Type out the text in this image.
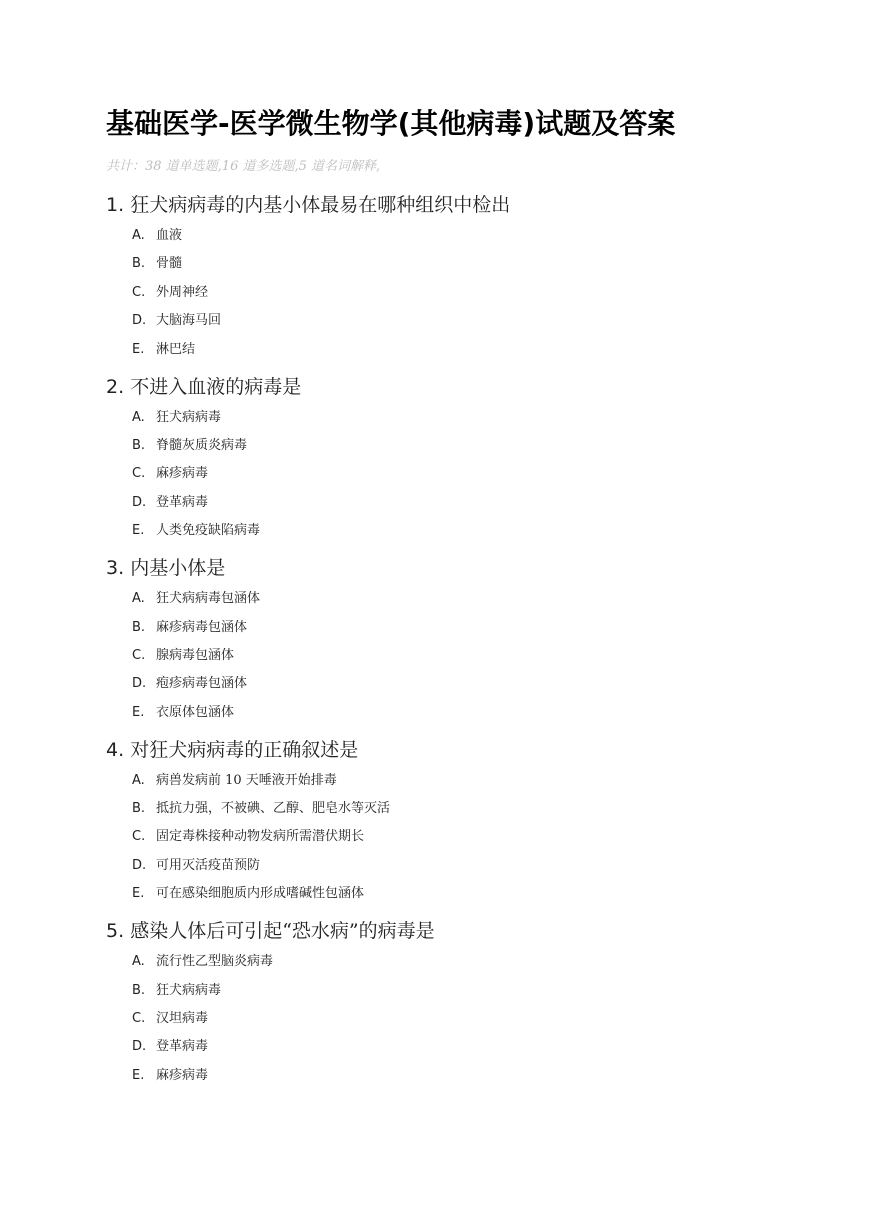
基础医学-医学微生物学(其他病毒)试题及答案
共计：38 道单选题,16 道多选题,5 道名词解释,
1. 狂犬病病毒的内基小体最易在哪种组织中检出
A. 血液
B. 骨髓
C. 外周神经
D. 大脑海马回
E. 淋巴结
2. 不进入血液的病毒是
A. 狂犬病病毒
B. 脊髓灰质炎病毒
C. 麻疹病毒
D. 登革病毒
E. 人类免疫缺陷病毒
3. 内基小体是
A. 狂犬病病毒包涵体
B. 麻疹病毒包涵体
C. 腺病毒包涵体
D. 疱疹病毒包涵体
E. 衣原体包涵体
4. 对狂犬病病毒的正确叙述是
A. 病兽发病前 10 天唾液开始排毒
B. 抵抗力强，不被碘、乙醇、肥皂水等灭活
C. 固定毒株接种动物发病所需潜伏期长
D. 可用灭活疫苗预防
E. 可在感染细胞质内形成嗜碱性包涵体
5. 感染人体后可引起“恐水病”的病毒是
A. 流行性乙型脑炎病毒
B. 狂犬病病毒
C. 汉坦病毒
D. 登革病毒
E. 麻疹病毒
